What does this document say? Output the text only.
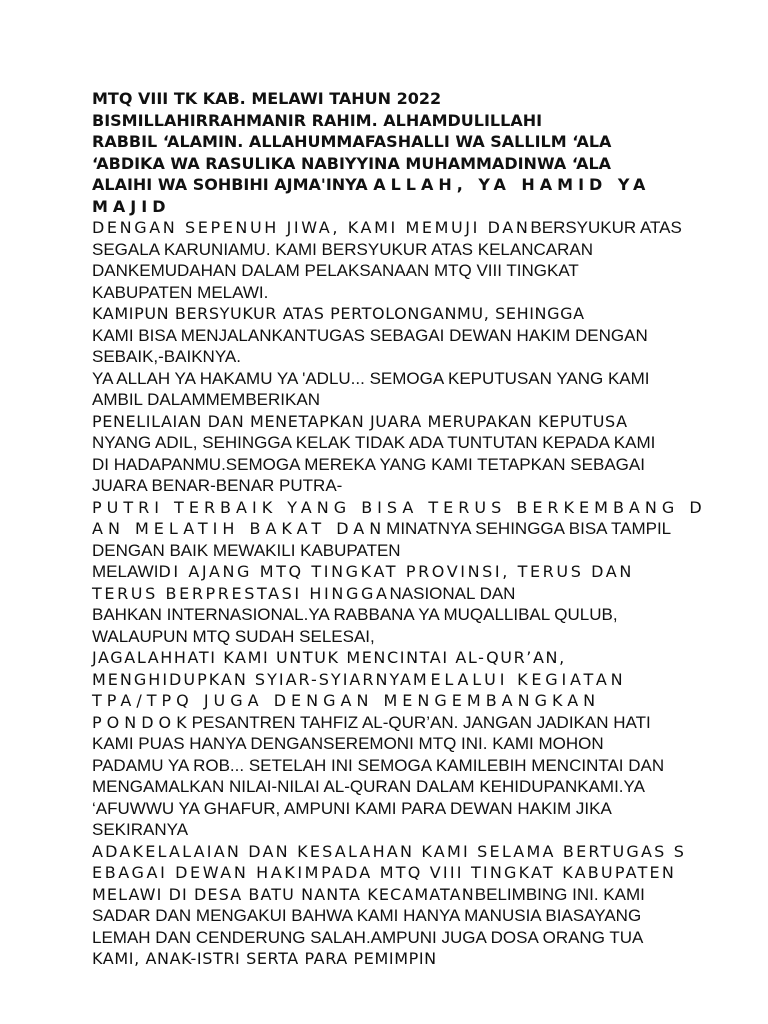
MTQ VIII TK KAB. MELAWI TAHUN 2022
BISMILLAHIRRAHMANIR RAHIM. ALHAMDULILLAHI
RABBIL ‘ALAMIN. ALLAHUMMAFASHALLI WA SALLILM ‘ALA
‘ABDIKA WA RASULIKA NABIYYINA MUHAMMADINWA ‘ALA
ALAIHI WA SOHBIHI AJMA'INYA ALLAH, YA HAMID YA
MAJID
DENGAN SEPENUH JIWA, KAMI MEMUJI DANBERSYUKUR ATAS
SEGALA KARUNIAMU. KAMI BERSYUKUR ATAS KELANCARAN
DANKEMUDAHAN DALAM PELAKSANAAN MTQ VIII TINGKAT
KABUPATEN MELAWI.
KAMIPUN BERSYUKUR ATAS PERTOLONGANMU, SEHINGGA
KAMI BISA MENJALANKANTUGAS SEBAGAI DEWAN HAKIM DENGAN
SEBAIK,-BAIKNYA.
YA ALLAH YA HAKAMU YA 'ADLU... SEMOGA KEPUTUSAN YANG KAMI
AMBIL DALAMMEMBERIKAN
PENELILAIAN DAN MENETAPKAN JUARA MERUPAKAN KEPUTUSA
NYANG ADIL, SEHINGGA KELAK TIDAK ADA TUNTUTAN KEPADA KAMI
DI HADAPANMU.SEMOGA MEREKA YANG KAMI TETAPKAN SEBAGAI
JUARA BENAR-BENAR PUTRA-
PUTRI TERBAIK YANG BISA TERUS BERKEMBANG D
AN MELATIH BAKAT DANMINATNYA SEHINGGA BISA TAMPIL
DENGAN BAIK MEWAKILI KABUPATEN
MELAWIDI AJANG MTQ TINGKAT PROVINSI, TERUS DAN
TERUS BERPRESTASI HINGGANASIONAL DAN
BAHKAN INTERNASIONAL.YA RABBANA YA MUQALLIBAL QULUB,
WALAUPUN MTQ SUDAH SELESAI,
JAGALAHHATI KAMI UNTUK MENCINTAI AL-QUR’AN,
MENGHIDUPKAN SYIAR-SYIARNYAMELALUI KEGIATAN
TPA/TPQ JUGA DENGAN MENGEMBANGKAN
PONDOKPESANTREN TAHFIZ AL-QUR’AN. JANGAN JADIKAN HATI
KAMI PUAS HANYA DENGANSEREMONI MTQ INI. KAMI MOHON
PADAMU YA ROB... SETELAH INI SEMOGA KAMILEBIH MENCINTAI DAN
MENGAMALKAN NILAI-NILAI AL-QURAN DALAM KEHIDUPANKAMI.YA
‘AFUWWU YA GHAFUR, AMPUNI KAMI PARA DEWAN HAKIM JIKA
SEKIRANYA
ADAKELALAIAN DAN KESALAHAN KAMI SELAMA BERTUGAS S
EBAGAI DEWAN HAKIMPADA MTQ VIII TINGKAT KABUPATEN
MELAWI DI DESA BATU NANTA KECAMATANBELIMBING INI. KAMI
SADAR DAN MENGAKUI BAHWA KAMI HANYA MANUSIA BIASAYANG
LEMAH DAN CENDERUNG SALAH.AMPUNI JUGA DOSA ORANG TUA
KAMI, ANAK-ISTRI SERTA PARA PEMIMPIN
